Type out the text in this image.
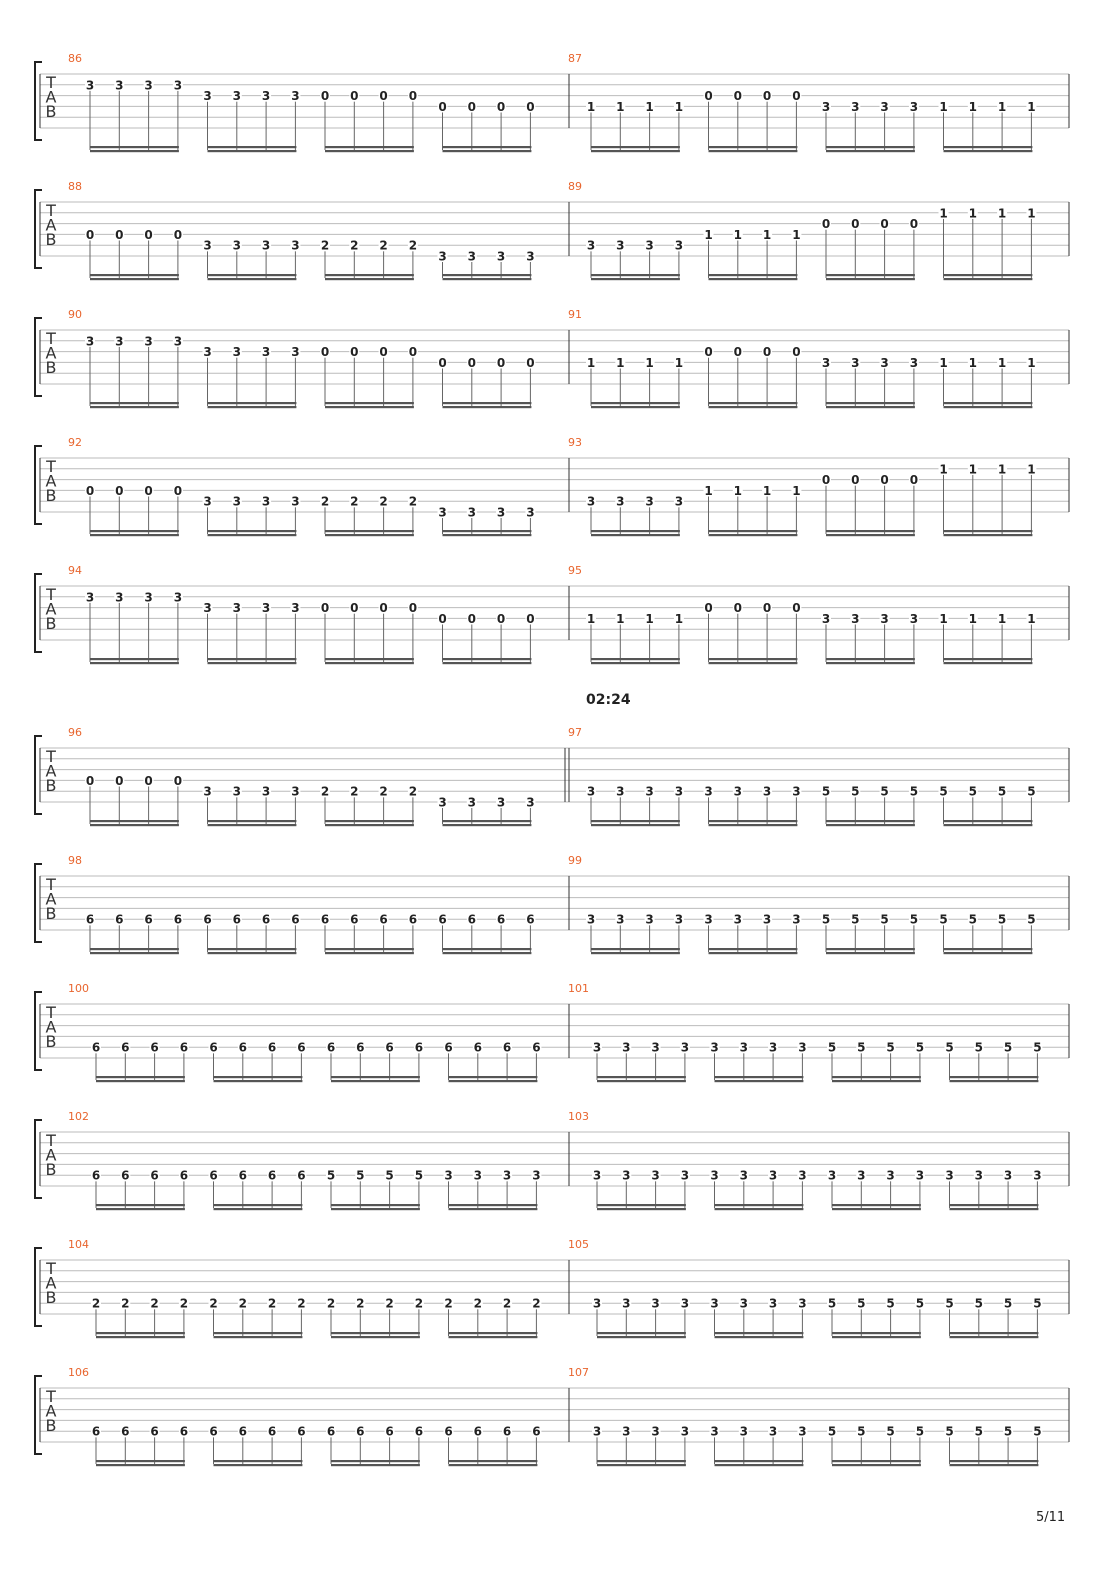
T
A
B
86
3 3 3 3
3 3 3 3 0 0 0 0
0 0 0 0
87
1 1 1 1
0 0 0 0
3 3 3 3 1 1 1 1
T
A
B
88
0 0 0 0
3 3 3 3 2 2 2 2
3 3 3 3
89
3 3 3 3
1 1 1 1
0 0 0 0
1 1 1 1
T
A
B
90
3 3 3 3
3 3 3 3 0 0 0 0
0 0 0 0
91
1 1 1 1
0 0 0 0
3 3 3 3 1 1 1 1
T
A
B
92
0 0 0 0
3 3 3 3 2 2 2 2
3 3 3 3
93
3 3 3 3
1 1 1 1
0 0 0 0
1 1 1 1
T
A
B
94
3 3 3 3
3 3 3 3 0 0 0 0
0 0 0 0
95
1 1 1 1
0 0 0 0
3 3 3 3 1 1 1 1
T
A
B
96
0 0 0 0
3 3 3 3 2 2 2 2
3 3 3 3
97
3 3 3 3 3 3 3 3 5 5 5 5 5 5 5 5
T
A
B
98
6 6 6 6 6 6 6 6 6 6 6 6 6 6 6 6
99
3 3 3 3 3 3 3 3 5 5 5 5 5 5 5 5
T
A
B
100
6 6 6 6 6 6 6 6 6 6 6 6 6 6 6 6
101
3 3 3 3 3 3 3 3 5 5 5 5 5 5 5 5
T
A
B
102
6 6 6 6 6 6 6 6 5 5 5 5 3 3 3 3
103
3 3 3 3 3 3 3 3 3 3 3 3 3 3 3 3
T
A
B
104
2 2 2 2 2 2 2 2 2 2 2 2 2 2 2 2
105
3 3 3 3 3 3 3 3 5 5 5 5 5 5 5 5
T
A
B
106
6 6 6 6 6 6 6 6 6 6 6 6 6 6 6 6
107
3 3 3 3 3 3 3 3 5 5 5 5 5 5 5 5
02:24
5/11
